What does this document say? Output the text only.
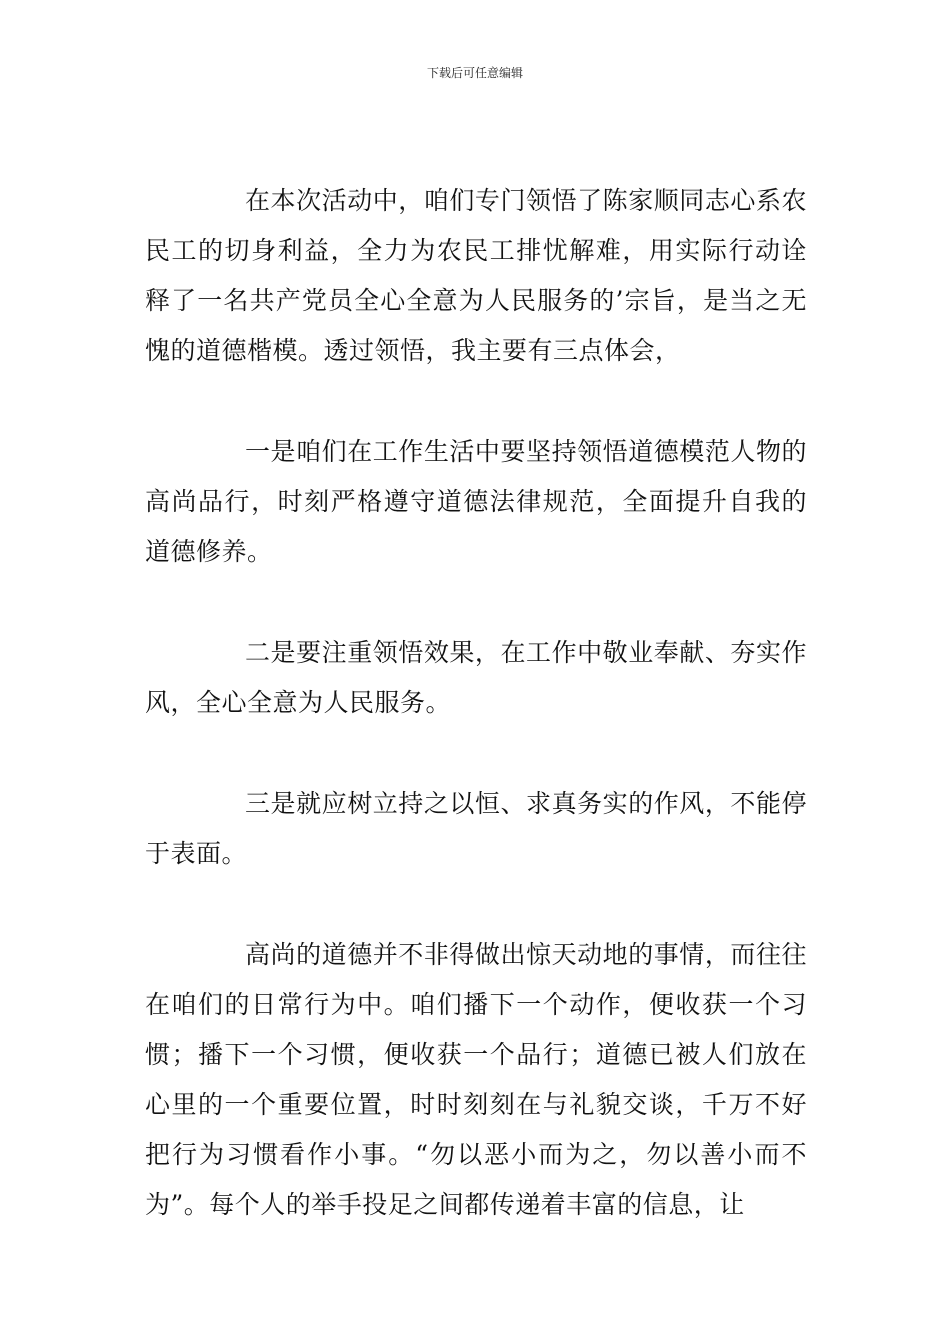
下载后可任意编辑

在本次活动中，咱们专门领悟了陈家顺同志心系农民工的切身利益，全力为农民工排忧解难，用实际行动诠释了一名共产党员全心全意为人民服务的’宗旨，是当之无愧的道德楷模。透过领悟，我主要有三点体会，

一是咱们在工作生活中要坚持领悟道德模范人物的高尚品行，时刻严格遵守道德法律规范，全面提升自我的道德修养。

二是要注重领悟效果，在工作中敬业奉献、夯实作风，全心全意为人民服务。

三是就应树立持之以恒、求真务实的作风，不能停于表面。

高尚的道德并不非得做出惊天动地的事情，而往往在咱们的日常行为中。咱们播下一个动作，便收获一个习惯；播下一个习惯，便收获一个品行；道德已被人们放在心里的一个重要位置，时时刻刻在与礼貌交谈，千万不好把行为习惯看作小事。“勿以恶小而为之，勿以善小而不为”。每个人的举手投足之间都传递着丰富的信息，让
